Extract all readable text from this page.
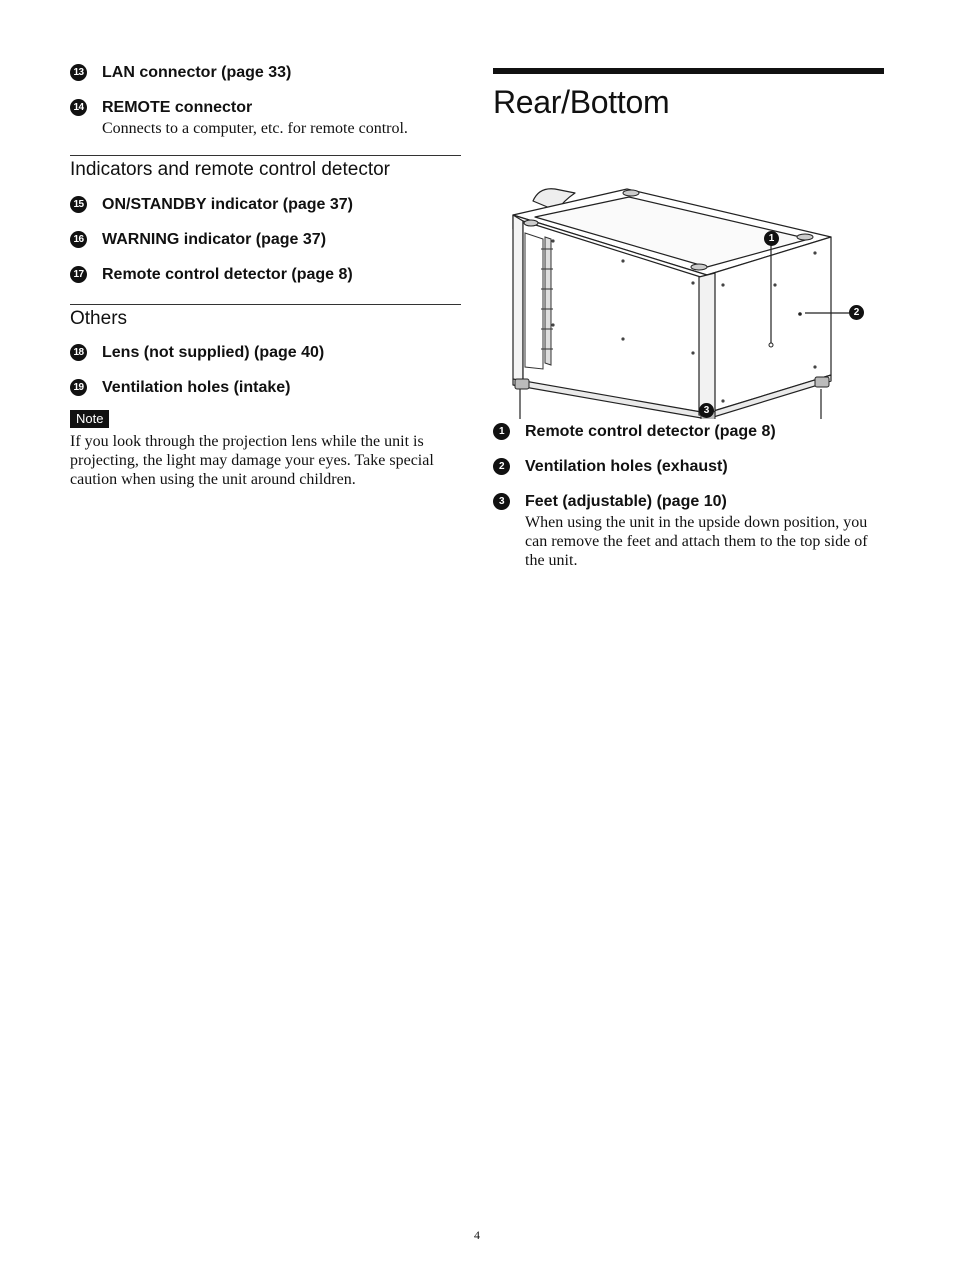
13 LAN connector (page 33)
14 REMOTE connector
Connects to a computer, etc. for remote control.
Indicators and remote control detector
15 ON/STANDBY indicator (page 37)
16 WARNING indicator (page 37)
17 Remote control detector (page 8)
Others
18 Lens (not supplied) (page 40)
19 Ventilation holes (intake)
Note
If you look through the projection lens while the unit is projecting, the light may damage your eyes. Take special caution when using the unit around children.
Rear/Bottom
1
2
3
1	Remote control detector (page 8)
2	Ventilation holes (exhaust)
3	Feet (adjustable) (page 10)
When using the unit in the upside down position, you can remove the feet and attach them to the top side of the unit.
4
